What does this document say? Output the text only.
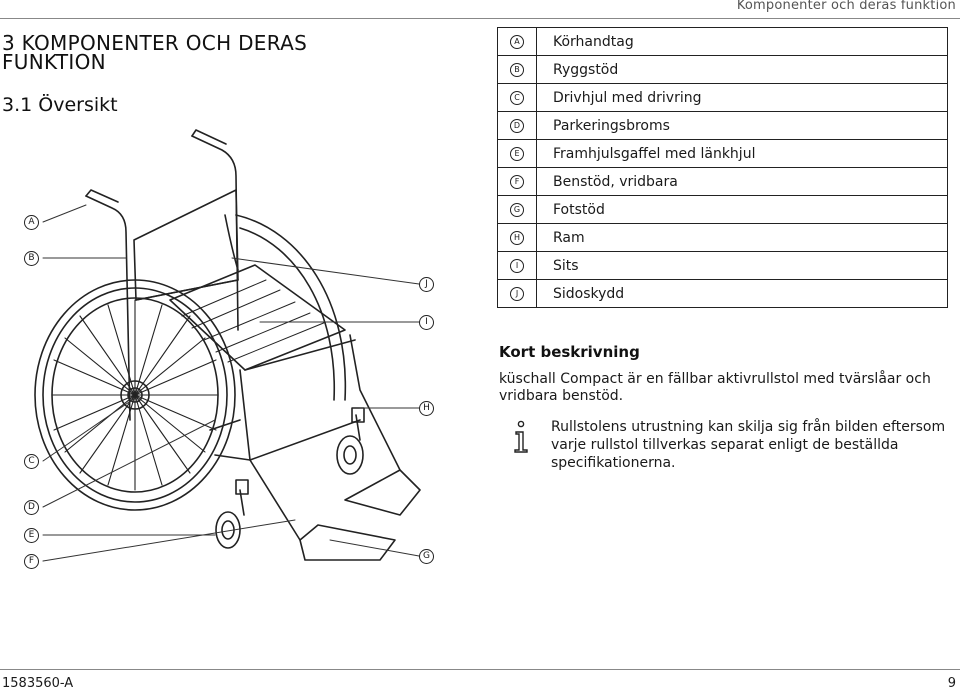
Komponenter och deras funktion
3 KOMPONENTER OCH DERAS FUNKTION
3.1 Översikt
A
B
C
D
E
F	G
H
I
J
A	Körhandtag
B	Ryggstöd
C	Drivhjul med drivring
D	Parkeringsbroms
E	Framhjulsgaffel med länkhjul
F	Benstöd, vridbara
G	Fotstöd
H	Ram
I	Sits
J	Sidoskydd
Kort beskrivning
küschall Compact är en fällbar aktivrullstol med tvärslåar och vridbara benstöd.
Rullstolens utrustning kan skilja sig från bilden eftersom varje rullstol tillverkas separat enligt de beställda specifikationerna.
1583560-A	9
